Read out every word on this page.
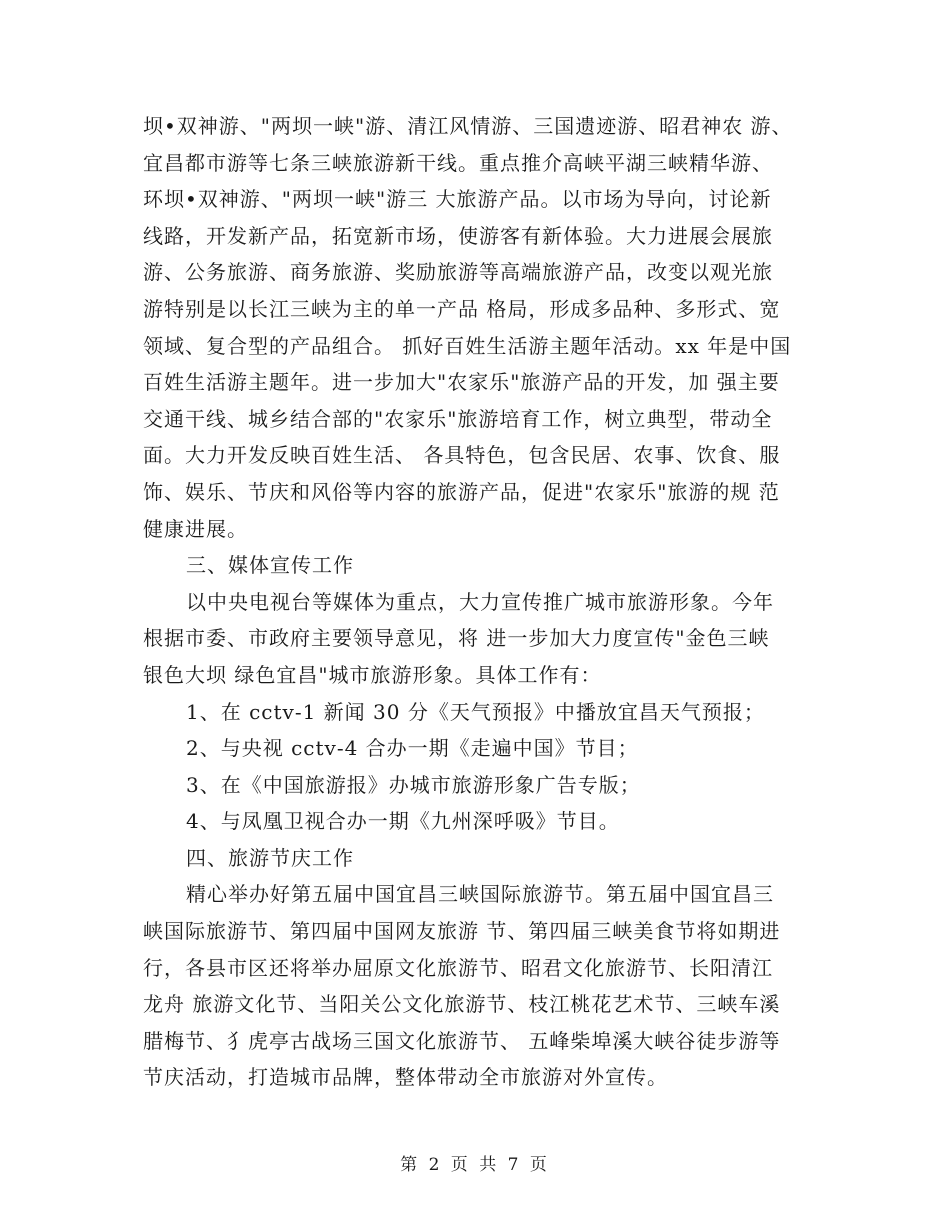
坝•双神游、"两坝一峡"游、清江风情游、三国遗迹游、昭君神农 游、
宜昌都市游等七条三峡旅游新干线。重点推介高峡平湖三峡精华游、
环坝•双神游、"两坝一峡"游三 大旅游产品。以市场为导向，讨论新
线路，开发新产品，拓宽新市场，使游客有新体验。大力进展会展旅
游、公务旅游、商务旅游、奖励旅游等高端旅游产品，改变以观光旅
游特别是以长江三峡为主的单一产品 格局，形成多品种、多形式、宽
领域、复合型的产品组合。 抓好百姓生活游主题年活动。xx 年是中国
百姓生活游主题年。进一步加大"农家乐"旅游产品的开发，加 强主要
交通干线、城乡结合部的"农家乐"旅游培育工作，树立典型，带动全
面。大力开发反映百姓生活、 各具特色，包含民居、农事、饮食、服
饰、娱乐、节庆和风俗等内容的旅游产品，促进"农家乐"旅游的规 范
健康进展。
三、媒体宣传工作
以中央电视台等媒体为重点，大力宣传推广城市旅游形象。今年
根据市委、市政府主要领导意见，将 进一步加大力度宣传"金色三峡
银色大坝 绿色宜昌"城市旅游形象。具体工作有：
1、在 cctv-1 新闻 30 分《天气预报》中播放宜昌天气预报；
2、与央视 cctv-4 合办一期《走遍中国》节目；
3、在《中国旅游报》办城市旅游形象广告专版；
4、与凤凰卫视合办一期《九州深呼吸》节目。
四、旅游节庆工作
精心举办好第五届中国宜昌三峡国际旅游节。第五届中国宜昌三
峡国际旅游节、第四届中国网友旅游 节、第四届三峡美食节将如期进
行，各县市区还将举办屈原文化旅游节、昭君文化旅游节、长阳清江
龙舟 旅游文化节、当阳关公文化旅游节、枝江桃花艺术节、三峡车溪
腊梅节、犭虎亭古战场三国文化旅游节、 五峰柴埠溪大峡谷徒步游等
节庆活动，打造城市品牌，整体带动全市旅游对外宣传。
第 2 页 共 7 页
